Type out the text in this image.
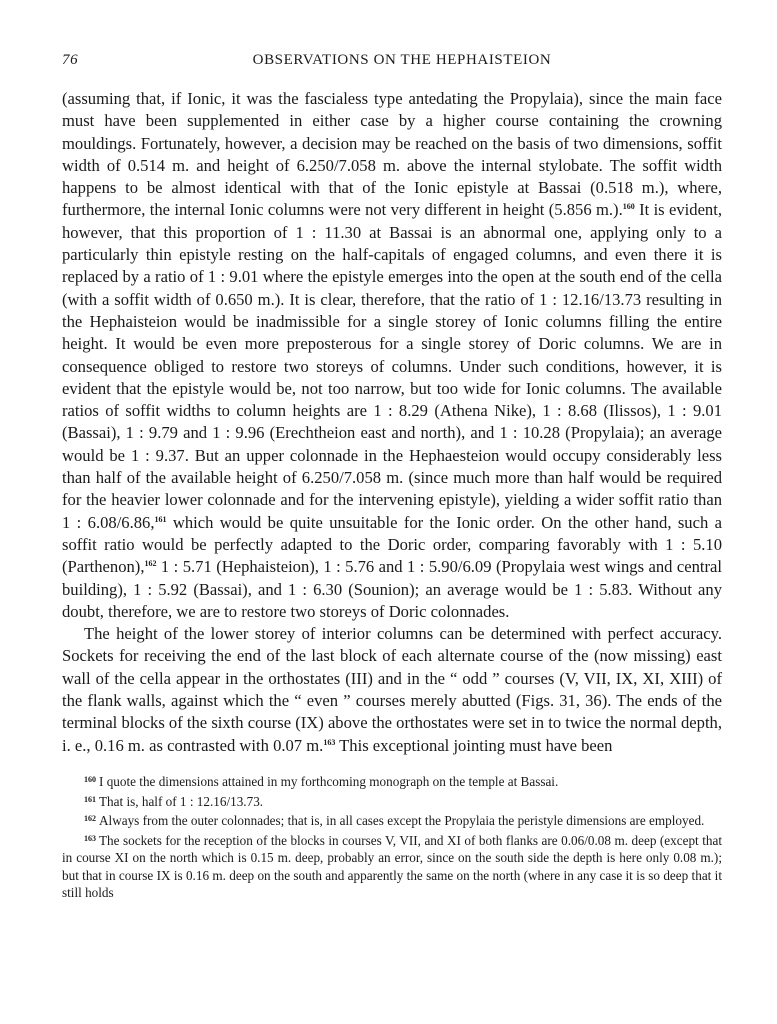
76	OBSERVATIONS ON THE HEPHAISTEION

(assuming that, if Ionic, it was the fascialess type antedating the Propylaia), since the main face must have been supplemented in either case by a higher course containing the crowning mouldings. Fortunately, however, a decision may be reached on the basis of two dimensions, soffit width of 0.514 m. and height of 6.250/7.058 m. above the internal stylobate. The soffit width happens to be almost identical with that of the Ionic epistyle at Bassai (0.518 m.), where, furthermore, the internal Ionic columns were not very different in height (5.856 m.).$^{160}$ It is evident, however, that this proportion of 1 : 11.30 at Bassai is an abnormal one, applying only to a particularly thin epistyle resting on the half-capitals of engaged columns, and even there it is replaced by a ratio of 1 : 9.01 where the epistyle emerges into the open at the south end of the cella (with a soffit width of 0.650 m.). It is clear, therefore, that the ratio of 1 : 12.16/13.73 resulting in the Hephaisteion would be inadmissible for a single storey of Ionic columns filling the entire height. It would be even more preposterous for a single storey of Doric columns. We are in consequence obliged to restore two storeys of columns. Under such conditions, however, it is evident that the epistyle would be, not too narrow, but too wide for Ionic columns. The available ratios of soffit widths to column heights are 1 : 8.29 (Athena Nike), 1 : 8.68 (Ilissos), 1 : 9.01 (Bassai), 1 : 9.79 and 1 : 9.96 (Erechtheion east and north), and 1 : 10.28 (Propylaia); an average would be 1 : 9.37. But an upper colonnade in the Hephaesteion would occupy considerably less than half of the available height of 6.250/7.058 m. (since much more than half would be required for the heavier lower colonnade and for the intervening epistyle), yielding a wider soffit ratio than 1 : 6.08/6.86,$^{161}$ which would be quite unsuitable for the Ionic order. On the other hand, such a soffit ratio would be perfectly adapted to the Doric order, comparing favorably with 1 : 5.10 (Parthenon),$^{162}$ 1 : 5.71 (Hephaisteion), 1 : 5.76 and 1 : 5.90/6.09 (Propylaia west wings and central building), 1 : 5.92 (Bassai), and 1 : 6.30 (Sounion); an average would be 1 : 5.83. Without any doubt, therefore, we are to restore two storeys of Doric colonnades.

The height of the lower storey of interior columns can be determined with perfect accuracy. Sockets for receiving the end of the last block of each alternate course of the (now missing) east wall of the cella appear in the orthostates (III) and in the “ odd ” courses (V, VII, IX, XI, XIII) of the flank walls, against which the “ even ” courses merely abutted (Figs. 31, 36). The ends of the terminal blocks of the sixth course (IX) above the orthostates were set in to twice the normal depth, i. e., 0.16 m. as contrasted with 0.07 m.$^{163}$ This exceptional jointing must have been

$^{160}$ I quote the dimensions attained in my forthcoming monograph on the temple at Bassai.

$^{161}$ That is, half of 1 : 12.16/13.73.

$^{162}$ Always from the outer colonnades; that is, in all cases except the Propylaia the peristyle dimensions are employed.

$^{163}$ The sockets for the reception of the blocks in courses V, VII, and XI of both flanks are 0.06/0.08 m. deep (except that in course XI on the north which is 0.15 m. deep, probably an error, since on the south side the depth is here only 0.08 m.); but that in course IX is 0.16 m. deep on the south and apparently the same on the north (where in any case it is so deep that it still holds
